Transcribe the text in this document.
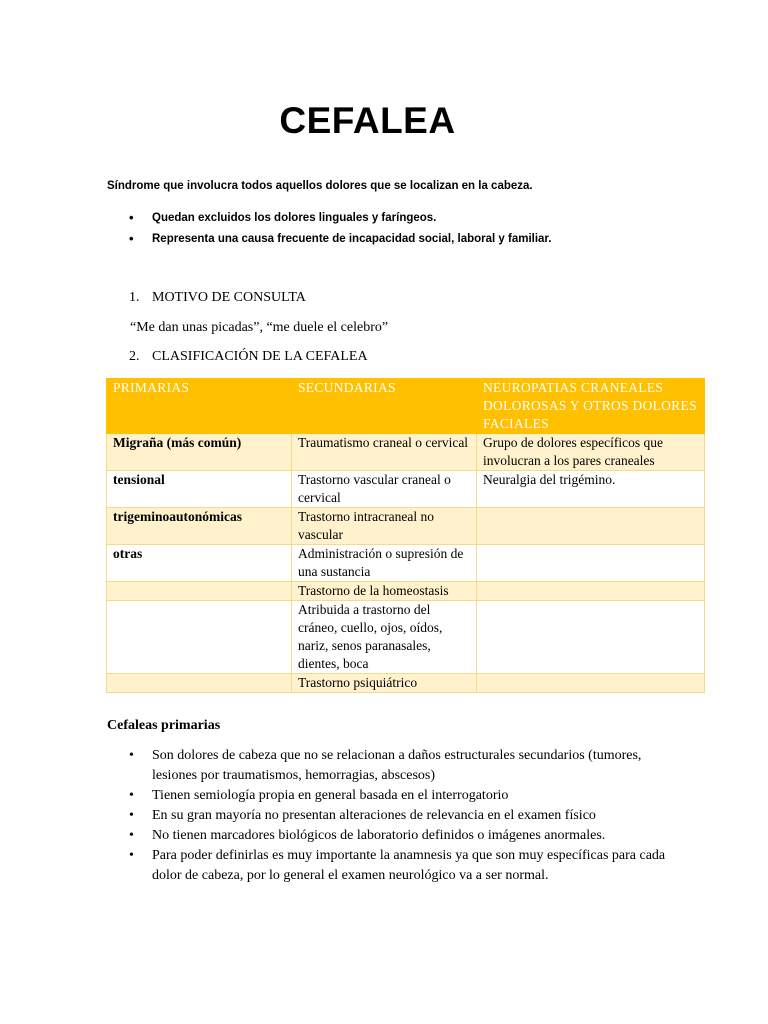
CEFALEA

Síndrome que involucra todos aquellos dolores que se localizan en la cabeza.

• Quedan excluidos los dolores linguales y faríngeos.
• Representa una causa frecuente de incapacidad social, laboral y familiar.

1. MOTIVO DE CONSULTA

“Me dan unas picadas”, “me duele el celebro”

2. CLASIFICACIÓN DE LA CEFALEA

PRIMARIAS	SECUNDARIAS	NEUROPATIAS CRANEALES DOLOROSAS Y OTROS DOLORES FACIALES
Migraña (más común)	Traumatismo craneal o cervical	Grupo de dolores específicos que involucran a los pares craneales
tensional	Trastorno vascular craneal o cervical	Neuralgia del trigémino.
trigeminoautonómicas	Trastorno intracraneal no vascular	
otras	Administración o supresión de una sustancia	
	Trastorno de la homeostasis	
	Atribuida a trastorno del cráneo, cuello, ojos, oídos, nariz, senos paranasales, dientes, boca	
	Trastorno psiquiátrico	

Cefaleas primarias

• Son dolores de cabeza que no se relacionan a daños estructurales secundarios (tumores, lesiones por traumatismos, hemorragias, abscesos)
• Tienen semiología propia en general basada en el interrogatorio
• En su gran mayoría no presentan alteraciones de relevancia en el examen físico
• No tienen marcadores biológicos de laboratorio definidos o imágenes anormales.
• Para poder definirlas es muy importante la anamnesis ya que son muy específicas para cada dolor de cabeza, por lo general el examen neurológico va a ser normal.
